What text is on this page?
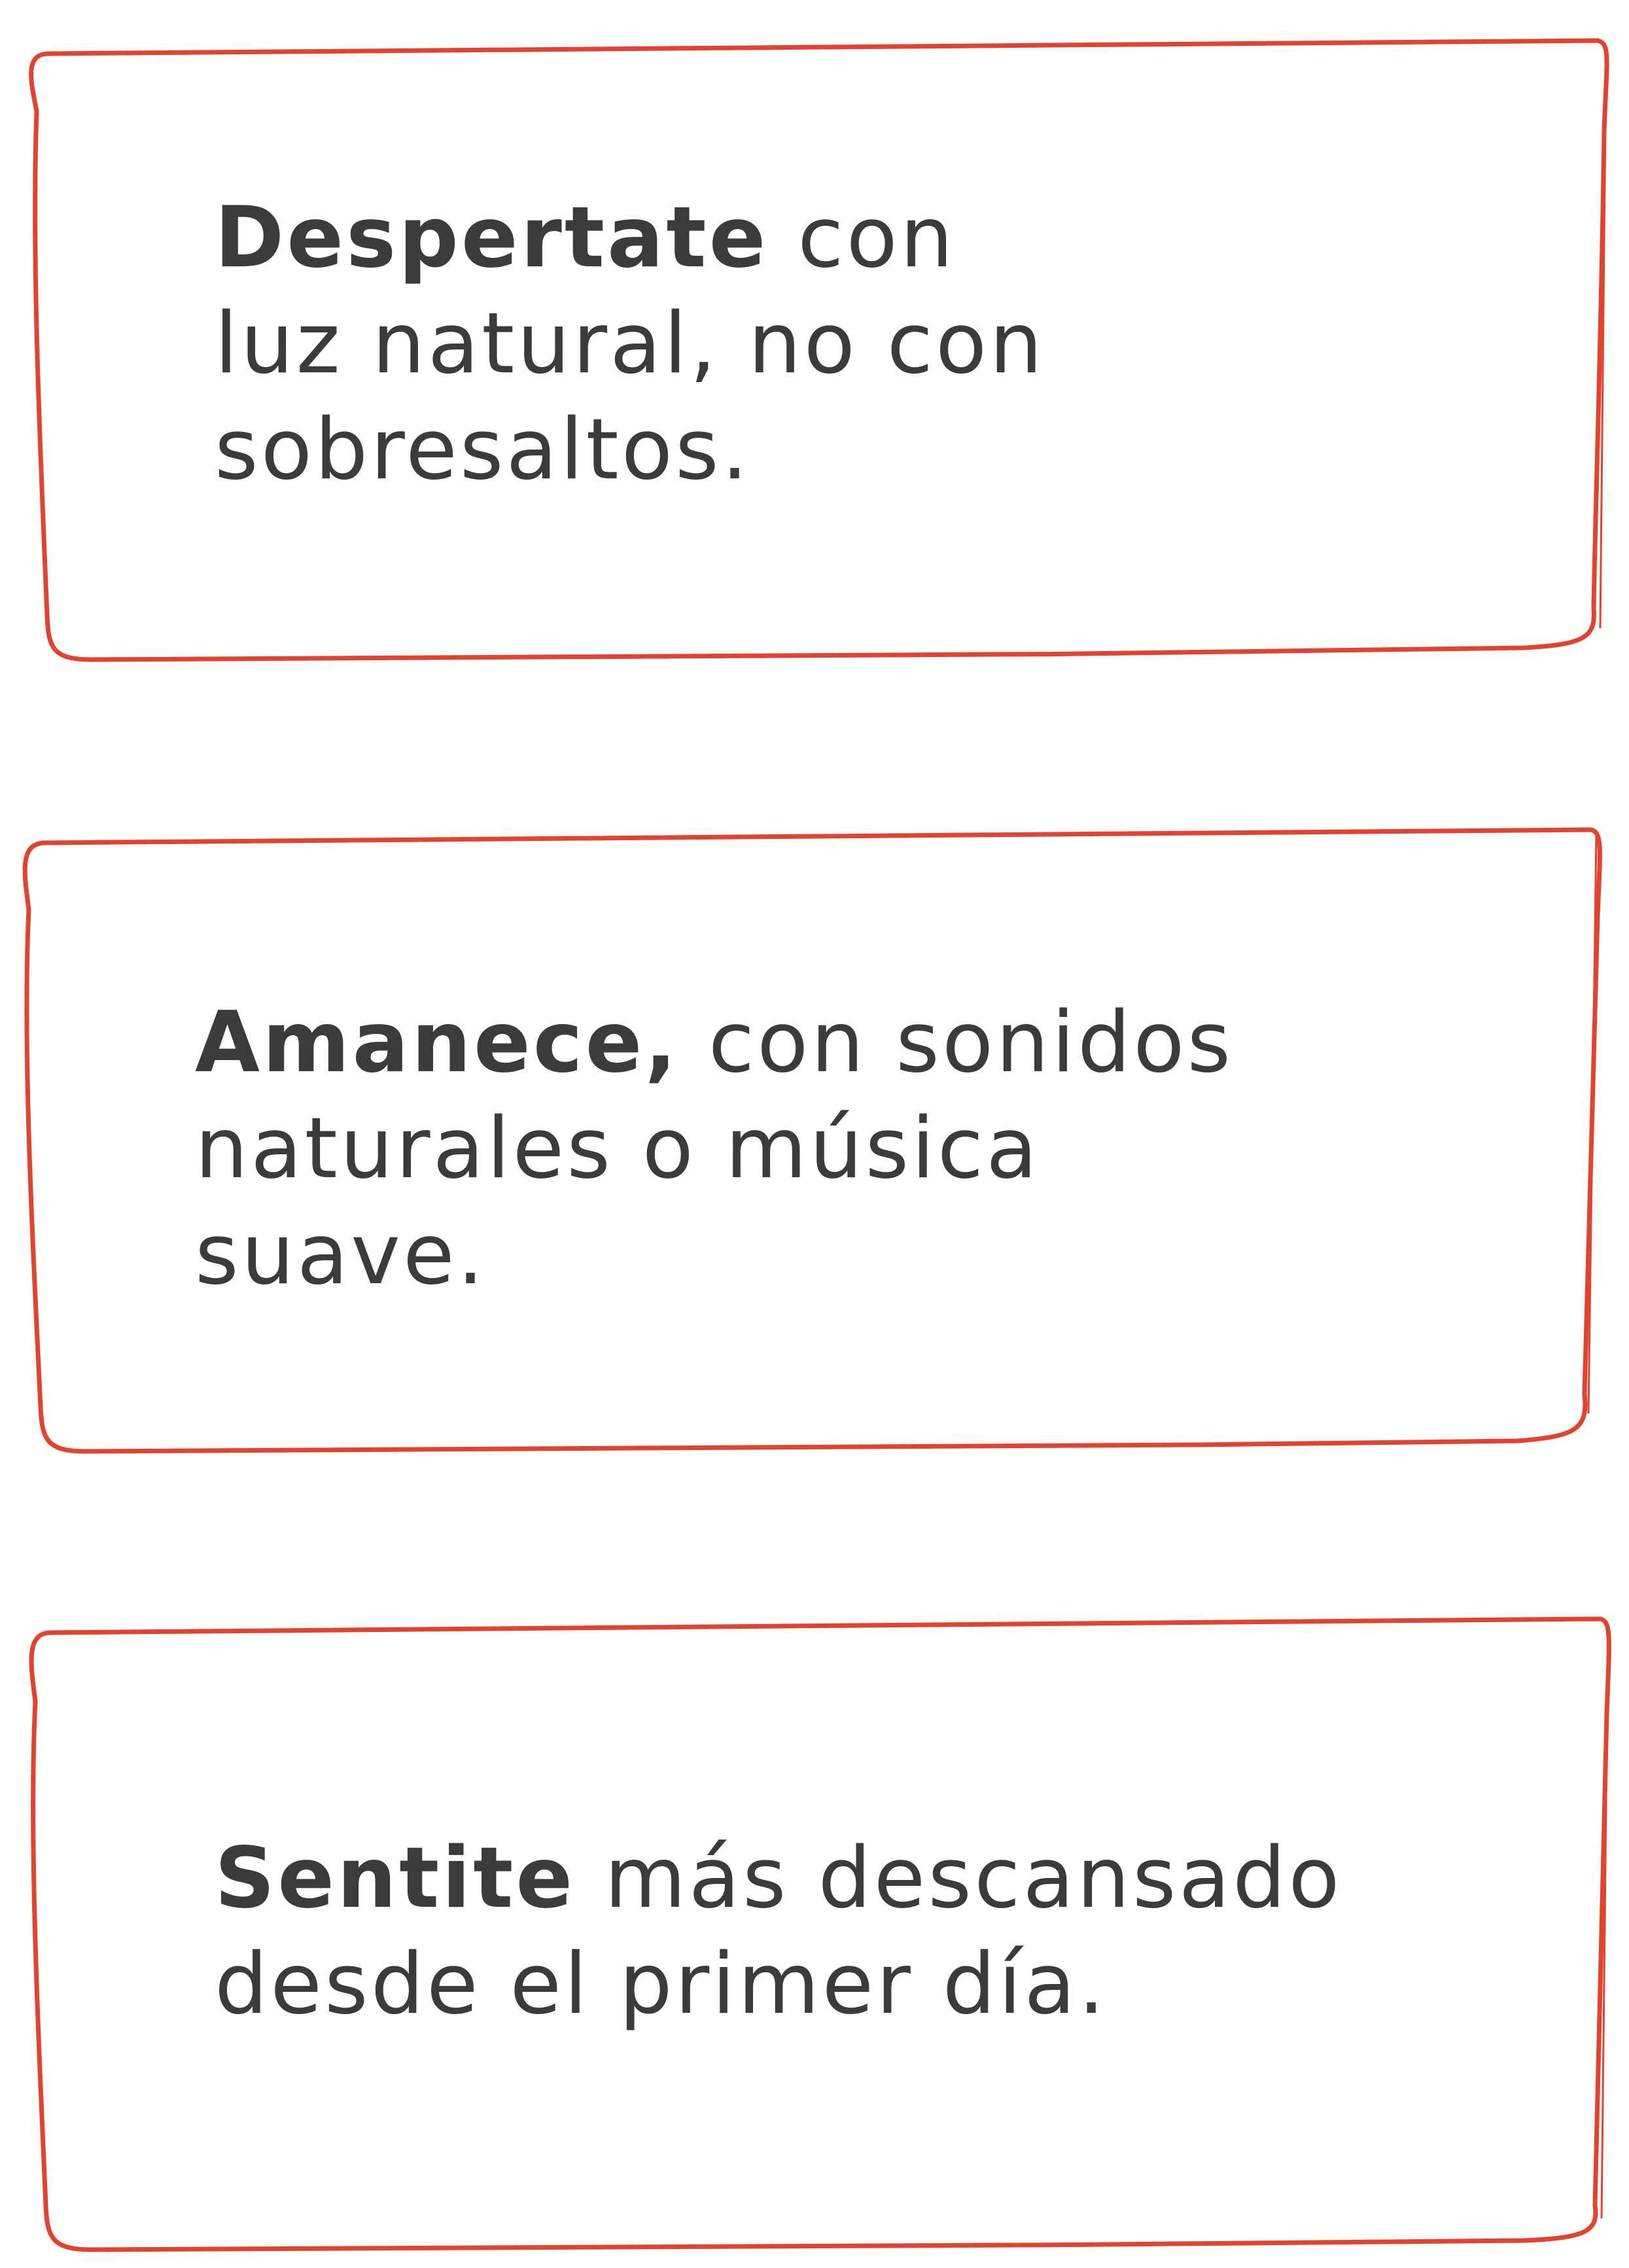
Despertate con
luz natural, no con
sobresaltos.
Amanece, con sonidos
naturales o música
suave.
Sentite más descansado
desde el primer día.
